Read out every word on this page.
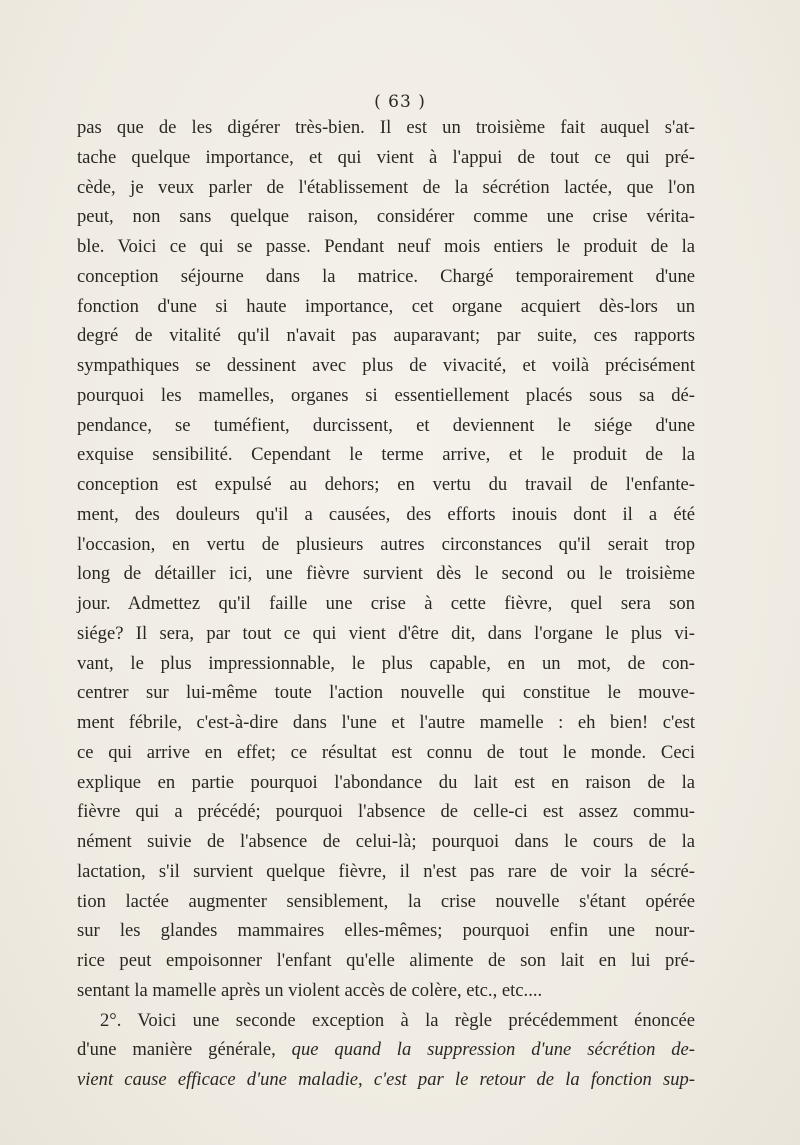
( 63 )
pas que de les digérer très-bien. Il est un troisième fait auquel s'at-
tache quelque importance, et qui vient à l'appui de tout ce qui pré-
cède, je veux parler de l'établissement de la sécrétion lactée, que l'on
peut, non sans quelque raison, considérer comme une crise vérita-
ble. Voici ce qui se passe. Pendant neuf mois entiers le produit de la
conception séjourne dans la matrice. Chargé temporairement d'une
fonction d'une si haute importance, cet organe acquiert dès-lors un
degré de vitalité qu'il n'avait pas auparavant; par suite, ces rapports
sympathiques se dessinent avec plus de vivacité, et voilà précisément
pourquoi les mamelles, organes si essentiellement placés sous sa dé-
pendance, se tuméfient, durcissent, et deviennent le siége d'une
exquise sensibilité. Cependant le terme arrive, et le produit de la
conception est expulsé au dehors; en vertu du travail de l'enfante-
ment, des douleurs qu'il a causées, des efforts inouis dont il a été
l'occasion, en vertu de plusieurs autres circonstances qu'il serait trop
long de détailler ici, une fièvre survient dès le second ou le troisième
jour. Admettez qu'il faille une crise à cette fièvre, quel sera son
siége? Il sera, par tout ce qui vient d'être dit, dans l'organe le plus vi-
vant, le plus impressionnable, le plus capable, en un mot, de con-
centrer sur lui-même toute l'action nouvelle qui constitue le mouve-
ment fébrile, c'est-à-dire dans l'une et l'autre mamelle : eh bien! c'est
ce qui arrive en effet; ce résultat est connu de tout le monde. Ceci
explique en partie pourquoi l'abondance du lait est en raison de la
fièvre qui a précédé; pourquoi l'absence de celle-ci est assez commu-
nément suivie de l'absence de celui-là; pourquoi dans le cours de la
lactation, s'il survient quelque fièvre, il n'est pas rare de voir la sécré-
tion lactée augmenter sensiblement, la crise nouvelle s'étant opérée
sur les glandes mammaires elles-mêmes; pourquoi enfin une nour-
rice peut empoisonner l'enfant qu'elle alimente de son lait en lui pré-
sentant la mamelle après un violent accès de colère, etc., etc....
2°. Voici une seconde exception à la règle précédemment énoncée
d'une manière générale, que quand la suppression d'une sécrétion de-
vient cause efficace d'une maladie, c'est par le retour de la fonction sup-
